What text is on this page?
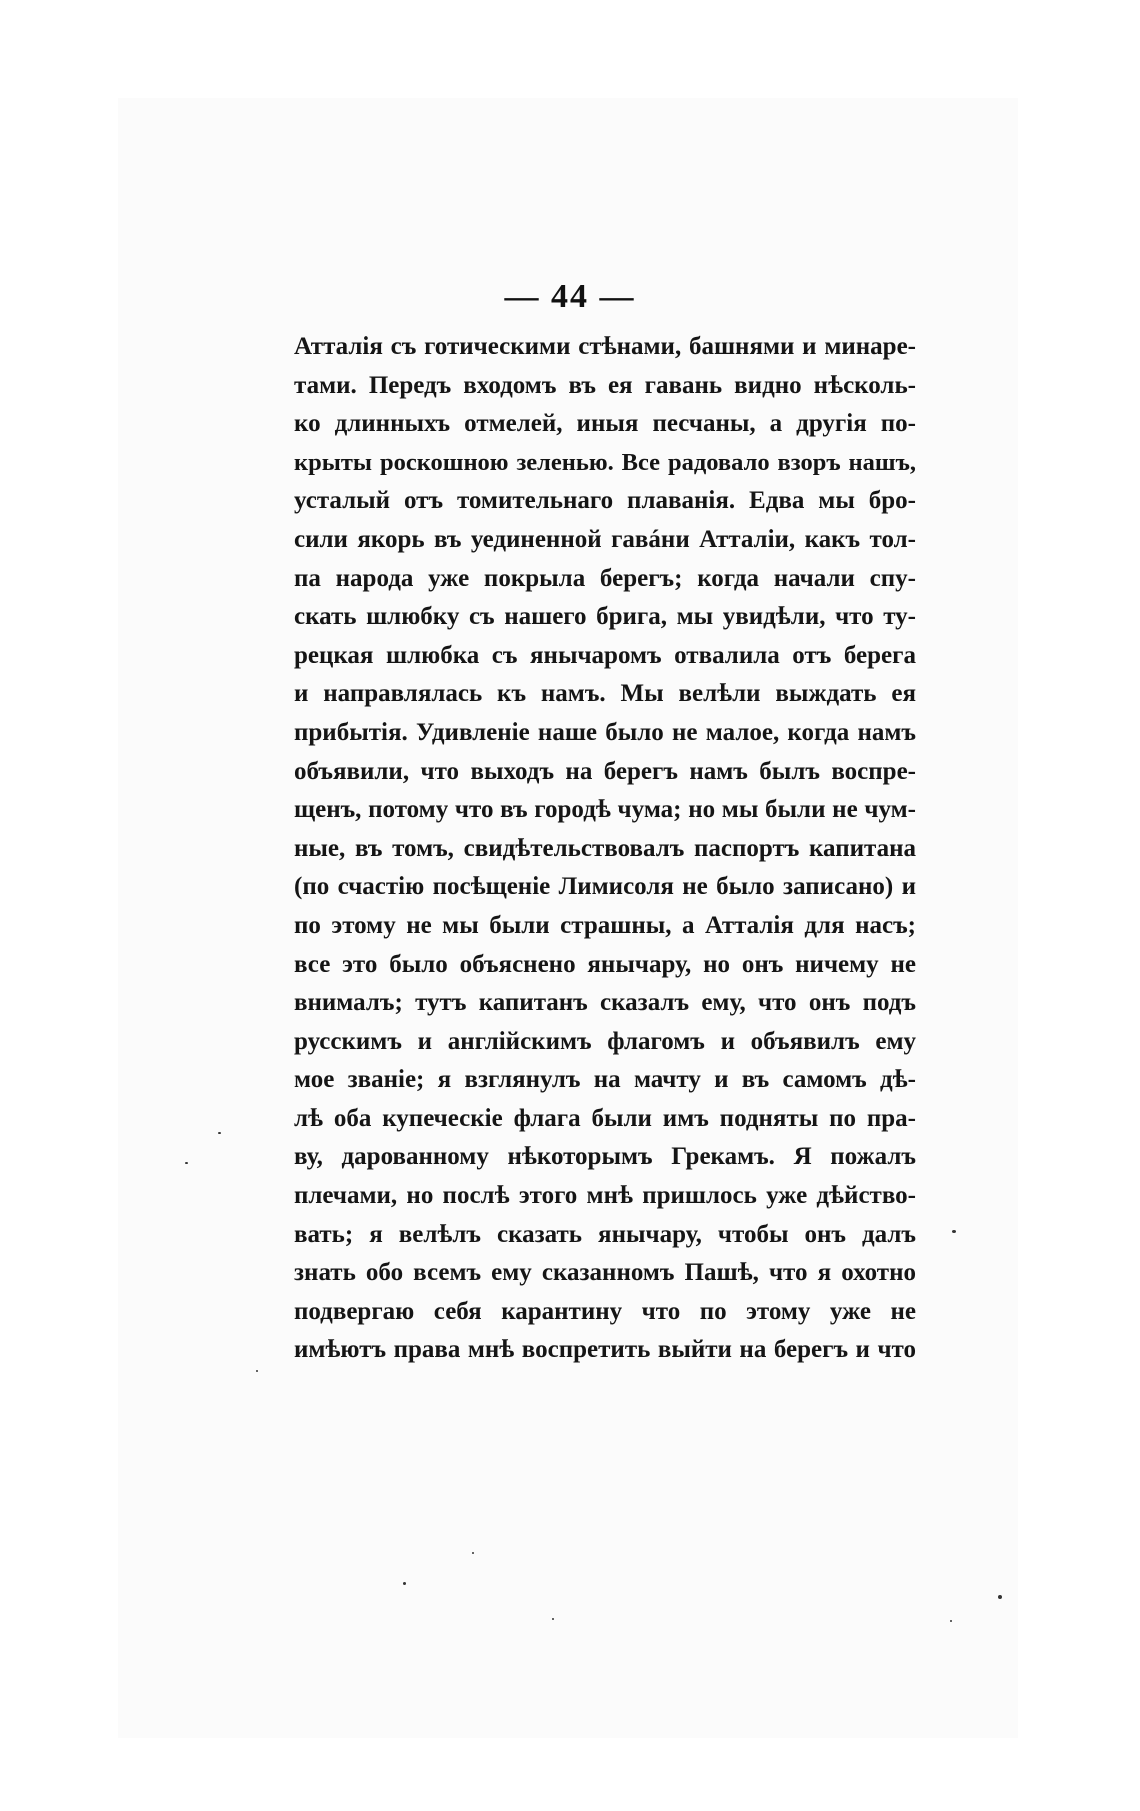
— 44 —
Атталія съ готическими стѣнами, башнями и минаре-
тами. Передъ входомъ въ ея гавань видно нѣсколь-
ко длинныхъ отмелей, иныя песчаны, а другія по-
крыты роскошною зеленью. Все радовало взоръ нашъ,
усталый отъ томительнаго плаванія. Едва мы бро-
сили якорь въ уединенной гавáни Атталіи, какъ тол-
па народа уже покрыла берегъ; когда начали спу-
скать шлюбку съ нашего брига, мы увидѣли, что ту-
рецкая шлюбка съ янычаромъ отвалила отъ берега
и направлялась къ намъ. Мы велѣли выждать ея
прибытія. Удивленіе наше было не малое, когда намъ
объявили, что выходъ на берегъ намъ былъ воспре-
щенъ, потому что въ городѣ чума; но мы были не чум-
ные, въ томъ, свидѣтельствовалъ паспортъ капитана
(по счастію посѣщеніе Лимисоля не было записано) и
по этому не мы были страшны, а Атталія для насъ;
все это было объяснено янычару, но онъ ничему не
внималъ; тутъ капитанъ сказалъ ему, что онъ подъ
русскимъ и англійскимъ флагомъ и объявилъ ему
мое званіе; я взглянулъ на мачту и въ самомъ дѣ-
лѣ оба купеческіе флага были имъ подняты по пра-
ву, дарованному нѣкоторымъ Грекамъ. Я пожалъ
плечами, но послѣ этого мнѣ пришлось уже дѣйство-
вать; я велѣлъ сказать янычару, чтобы онъ далъ
знать обо всемъ ему сказанномъ Пашѣ, что я охотно
подвергаю себя карантину что по этому уже не
имѣютъ права мнѣ воспретить выйти на берегъ и что
